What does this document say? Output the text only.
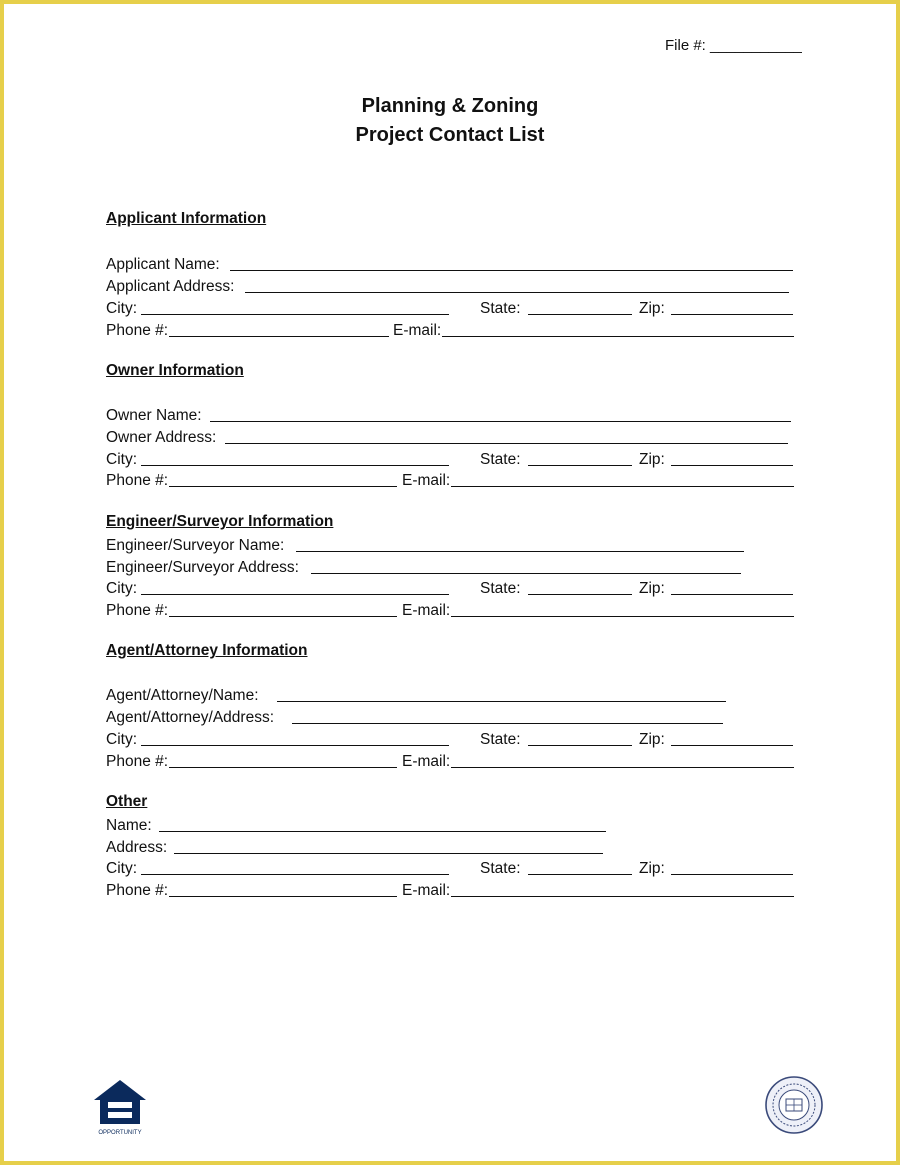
File #: ___________
Planning & Zoning
Project Contact List
Applicant Information
Applicant Name:
Applicant Address:
City:	State:	Zip:
Phone #:	E-mail:
Owner Information
Owner Name:
Owner Address:
City:	State:	Zip:
Phone #:	E-mail:
Engineer/Surveyor Information
Engineer/Surveyor Name:
Engineer/Surveyor Address:
City:	State:	Zip:
Phone #:	E-mail:
Agent/Attorney Information
Agent/Attorney/Name:
Agent/Attorney/Address:
City:	State:	Zip:
Phone #:	E-mail:
Other
Name:
Address:
City:	State:	Zip:
Phone #:	E-mail:
OPPORTUNITY
